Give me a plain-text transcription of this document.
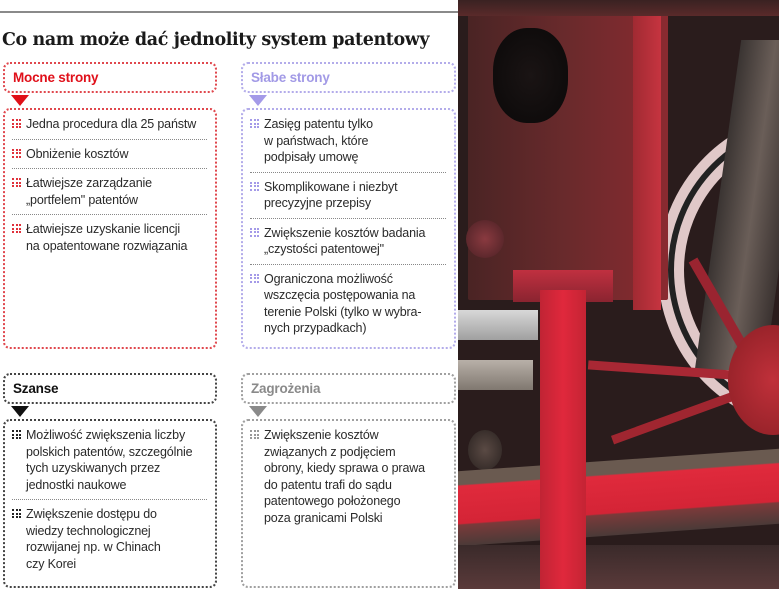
Co nam może dać jednolity system patentowy
Mocne strony
Jedna procedura dla 25 państw
Obniżenie kosztów
Łatwiejsze zarządzanie
„portfelem" patentów
Łatwiejsze uzyskanie licencji
na opatentowane rozwiązania
Słabe strony
Zasięg patentu tylko
w państwach, które
podpisały umowę
Skomplikowane i niezbyt
precyzyjne przepisy
Zwiększenie kosztów badania
„czystości patentowej"
Ograniczona możliwość
wszczęcia postępowania na
terenie Polski (tylko w wybra-
nych przypadkach)
Szanse
Możliwość zwiększenia liczby
polskich patentów, szczególnie
tych uzyskiwanych przez
jednostki naukowe
Zwiększenie dostępu do
wiedzy technologicznej
rozwijanej np. w Chinach
czy Korei
Zagrożenia
Zwiększenie kosztów
związanych z podjęciem
obrony, kiedy sprawa o prawa
do patentu trafi do sądu
patentowego położonego
poza granicami Polski
